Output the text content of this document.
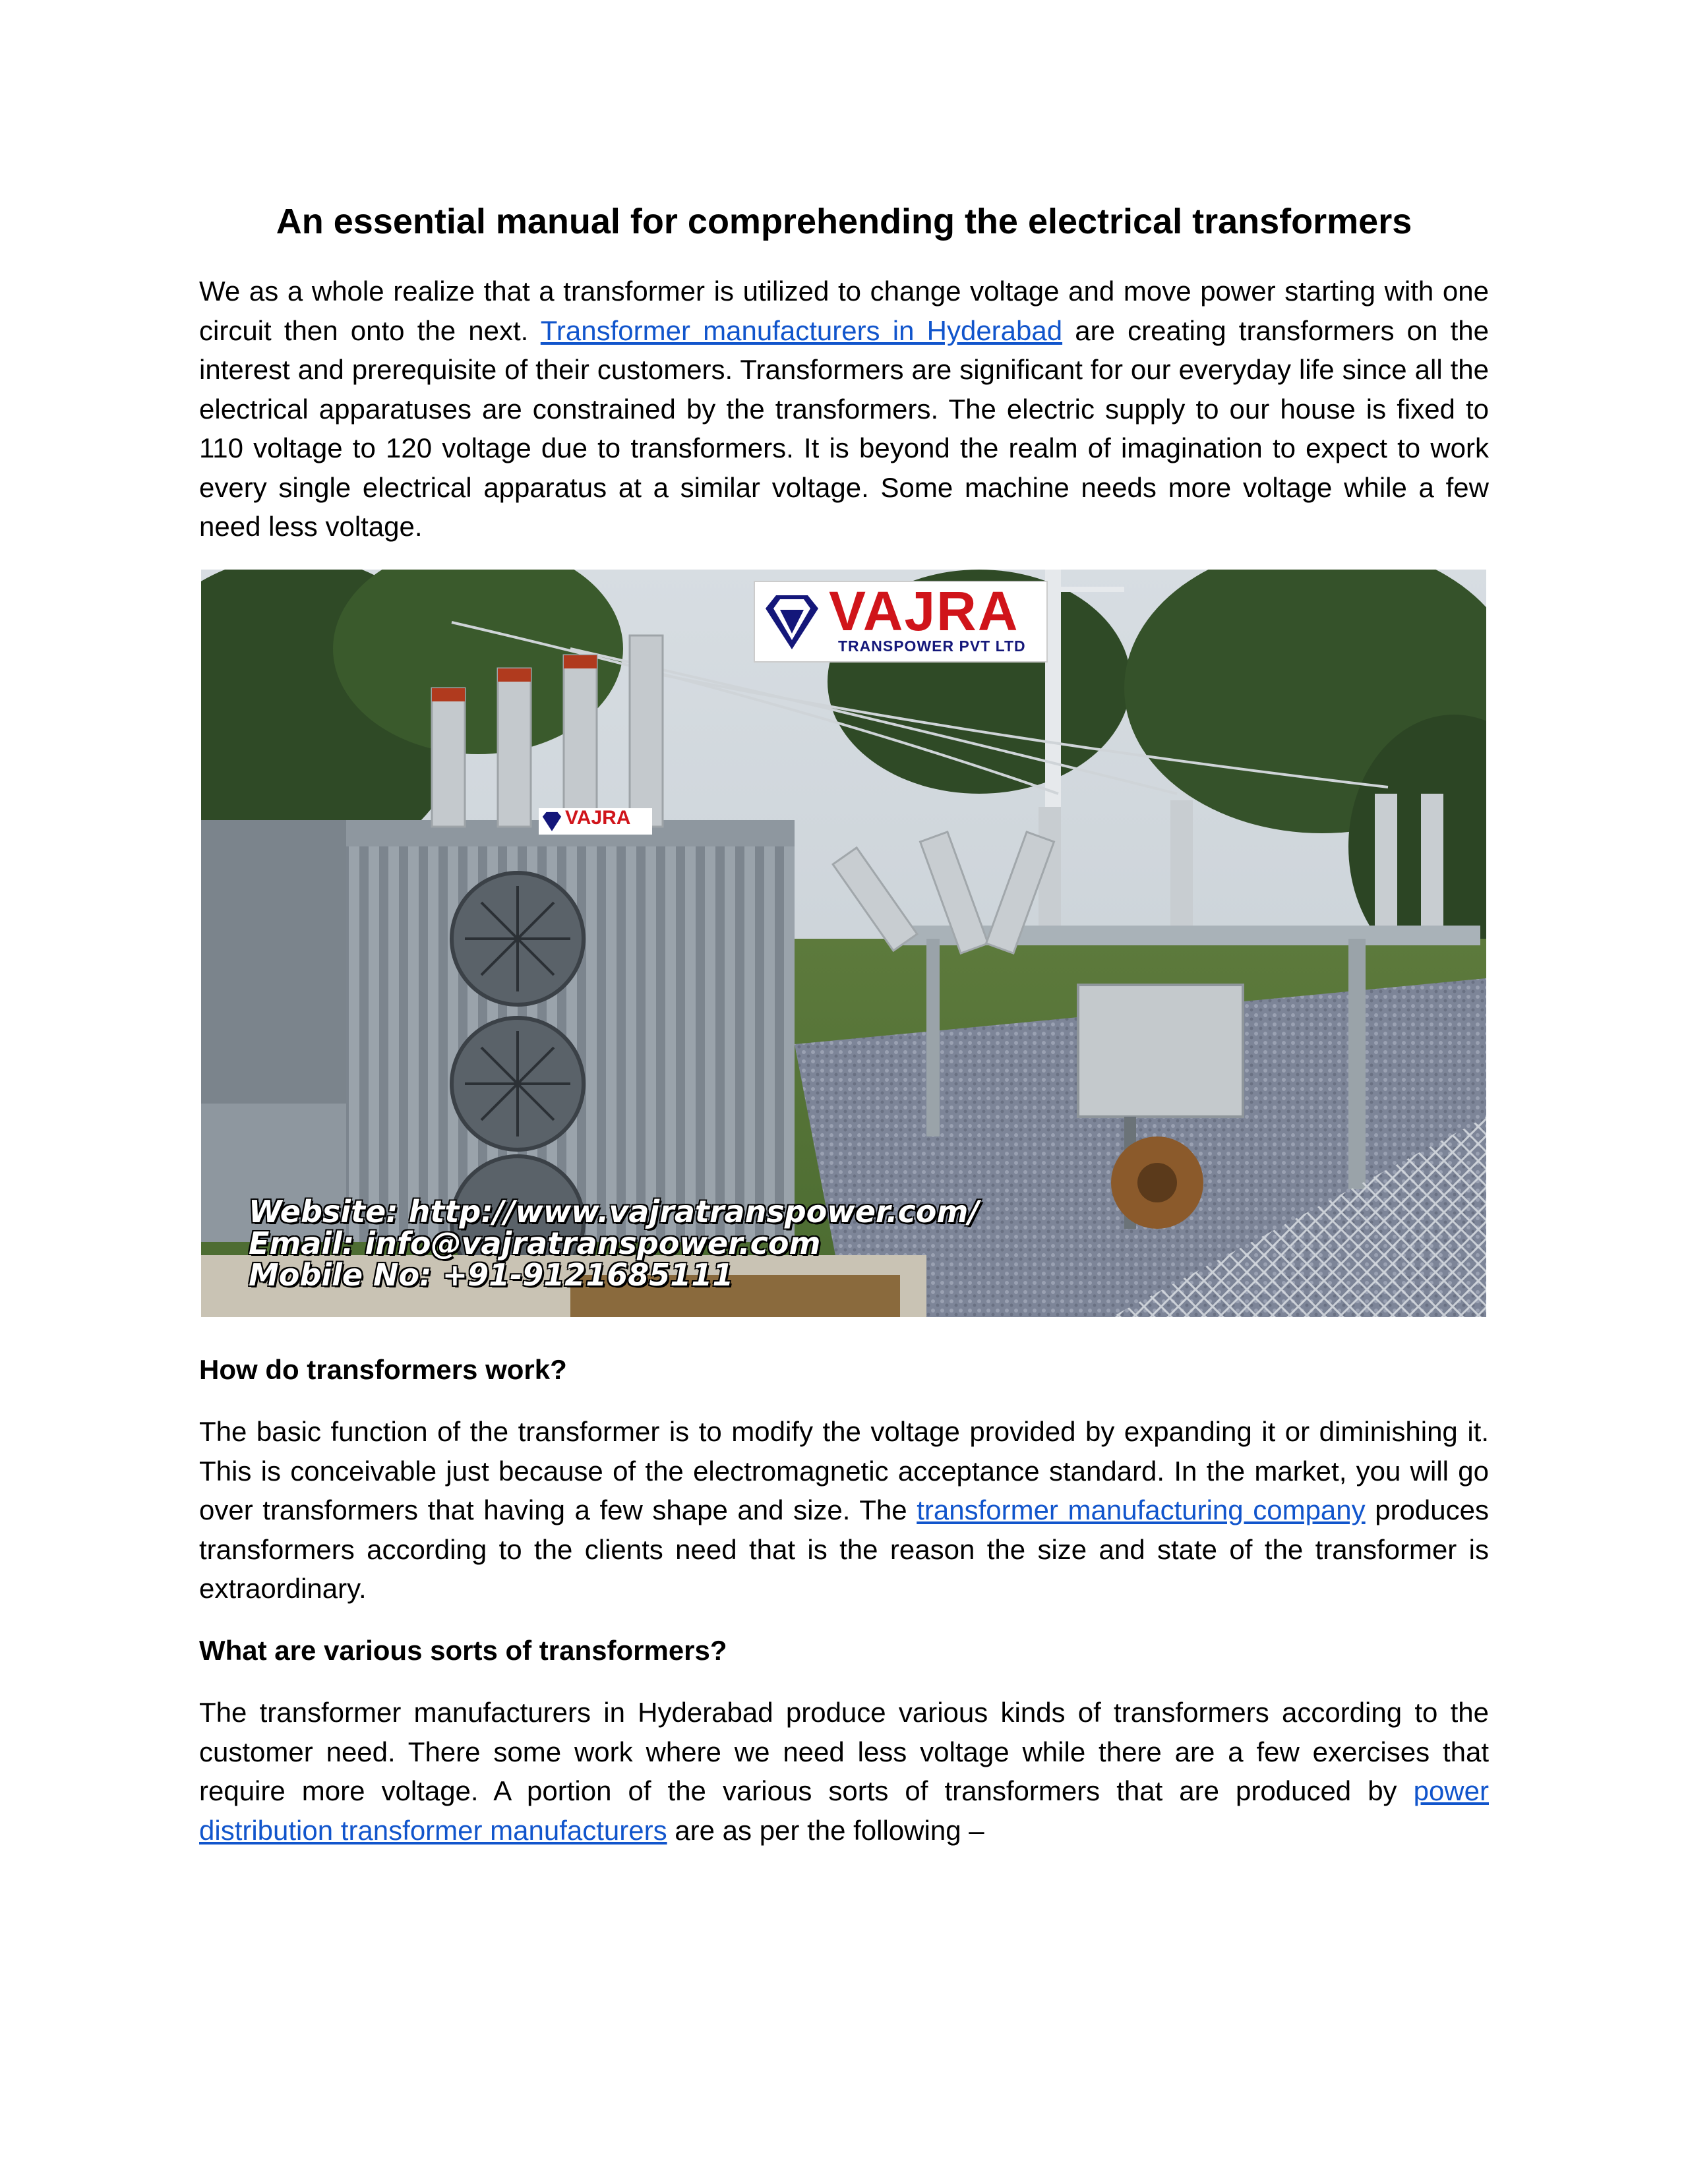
An essential manual for comprehending the electrical transformers

We as a whole realize that a transformer is utilized to change voltage and move power starting with one circuit then onto the next. Transformer manufacturers in Hyderabad are creating transformers on the interest and prerequisite of their customers. Transformers are significant for our everyday life since all the electrical apparatuses are constrained by the transformers. The electric supply to our house is fixed to 110 voltage to 120 voltage due to transformers. It is beyond the realm of imagination to expect to work every single electrical apparatus at a similar voltage. Some machine needs more voltage while a few need less voltage.

VAJRA
TRANSPOWER PVT LTD
VAJRA
Website: http://www.vajratranspower.com/
Email: info@vajratranspower.com
Mobile No: +91-9121685111
How do transformers work?

The basic function of the transformer is to modify the voltage provided by expanding it or diminishing it. This is conceivable just because of the electromagnetic acceptance standard. In the market, you will go over transformers that having a few shape and size. The transformer manufacturing company produces transformers according to the clients need that is the reason the size and state of the transformer is extraordinary.

What are various sorts of transformers?

The transformer manufacturers in Hyderabad produce various kinds of transformers according to the customer need. There some work where we need less voltage while there are a few exercises that require more voltage. A portion of the various sorts of transformers that are produced by power distribution transformer manufacturers are as per the following –
